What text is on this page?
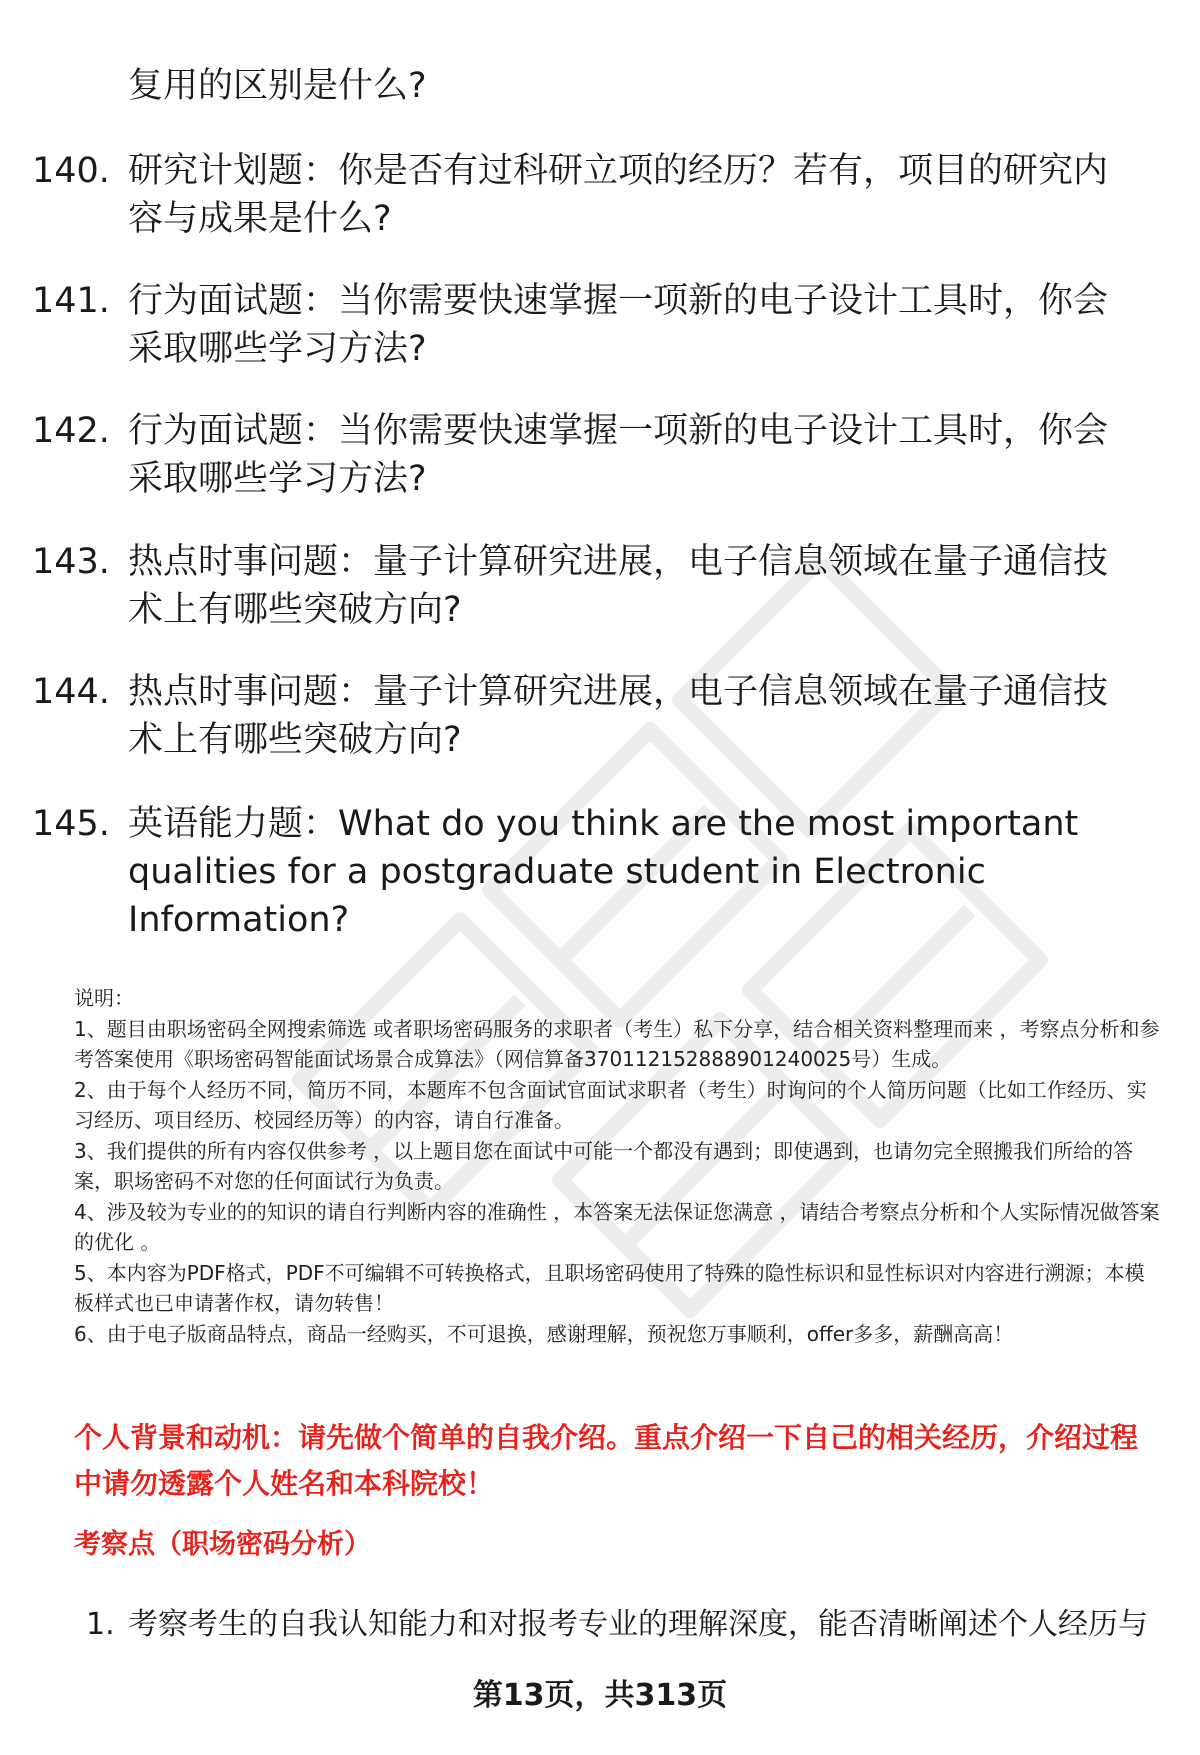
复用的区别是什么?
140. 研究计划题：你是否有过科研立项的经历？若有，项目的研究内容与成果是什么?
141. 行为面试题：当你需要快速掌握一项新的电子设计工具时，你会采取哪些学习方法?
142. 行为面试题：当你需要快速掌握一项新的电子设计工具时，你会采取哪些学习方法?
143. 热点时事问题：量子计算研究进展，电子信息领域在量子通信技术上有哪些突破方向?
144. 热点时事问题：量子计算研究进展，电子信息领域在量子通信技术上有哪些突破方向?
145. 英语能力题：What do you think are the most important qualities for a postgraduate student in Electronic Information?

说明：

1、题目由职场密码全网搜索筛选 或者职场密码服务的求职者（考生）私下分享，结合相关资料整理而来 ，考察点分析和参考答案使用《职场密码智能面试场景合成算法》（网信算备370112152888901240025号）生成。

2、由于每个人经历不同，简历不同，本题库不包含面试官面试求职者（考生）时询问的个人简历问题（比如工作经历、实习经历、项目经历、校园经历等）的内容，请自行准备。

3、我们提供的所有内容仅供参考 ，以上题目您在面试中可能一个都没有遇到；即使遇到，也请勿完全照搬我们所给的答案，职场密码不对您的任何面试行为负责。

4、涉及较为专业的的知识的请自行判断内容的准确性 ，本答案无法保证您满意 ，请结合考察点分析和个人实际情况做答案的优化 。

5、本内容为PDF格式，PDF不可编辑不可转换格式，且职场密码使用了特殊的隐性标识和显性标识对内容进行溯源；本模板样式也已申请著作权，请勿转售！

6、由于电子版商品特点，商品一经购买，不可退换，感谢理解，预祝您万事顺利，offer多多，薪酬高高！

个人背景和动机：请先做个简单的自我介绍。重点介绍一下自己的相关经历，介绍过程中请勿透露个人姓名和本科院校！
考察点（职场密码分析）
1. 考察考生的自我认知能力和对报考专业的理解深度，能否清晰阐述个人经历与
第13页，共313页
